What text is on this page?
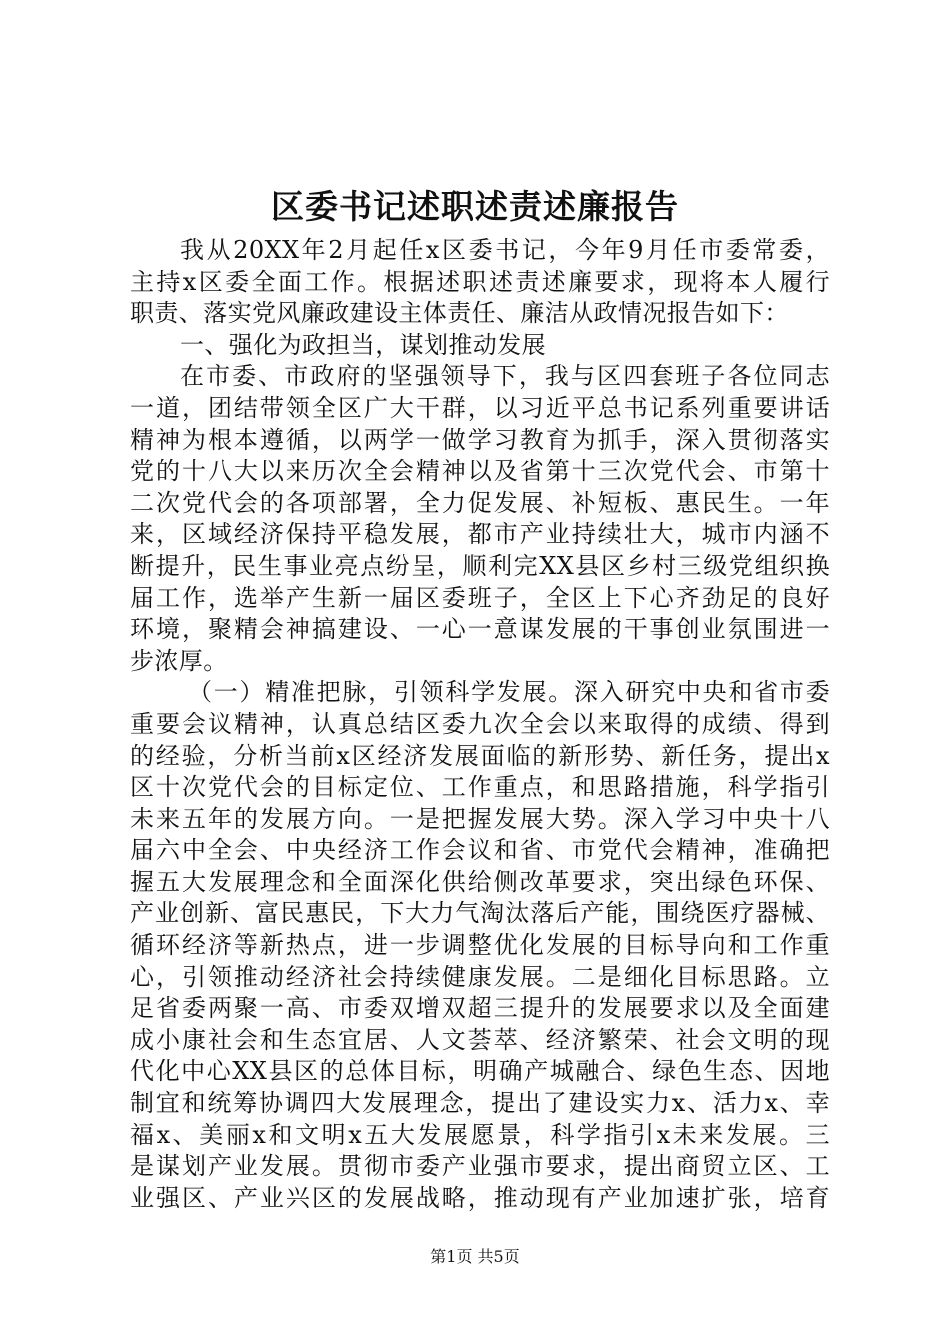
区委书记述职述责述廉报告
我从20XX年2月起任x区委书记，今年9月任市委常委，
主持x区委全面工作。根据述职述责述廉要求，现将本人履行
职责、落实党风廉政建设主体责任、廉洁从政情况报告如下：
一、强化为政担当，谋划推动发展
在市委、市政府的坚强领导下，我与区四套班子各位同志
一道，团结带领全区广大干群，以习近平总书记系列重要讲话
精神为根本遵循，以两学一做学习教育为抓手，深入贯彻落实
党的十八大以来历次全会精神以及省第十三次党代会、市第十
二次党代会的各项部署，全力促发展、补短板、惠民生。一年
来，区域经济保持平稳发展，都市产业持续壮大，城市内涵不
断提升，民生事业亮点纷呈，顺利完XX县区乡村三级党组织换
届工作，选举产生新一届区委班子，全区上下心齐劲足的良好
环境，聚精会神搞建设、一心一意谋发展的干事创业氛围进一
步浓厚。
（一）精准把脉，引领科学发展。深入研究中央和省市委
重要会议精神，认真总结区委九次全会以来取得的成绩、得到
的经验，分析当前x区经济发展面临的新形势、新任务，提出x
区十次党代会的目标定位、工作重点，和思路措施，科学指引
未来五年的发展方向。一是把握发展大势。深入学习中央十八
届六中全会、中央经济工作会议和省、市党代会精神，准确把
握五大发展理念和全面深化供给侧改革要求，突出绿色环保、
产业创新、富民惠民，下大力气淘汰落后产能，围绕医疗器械、
循环经济等新热点，进一步调整优化发展的目标导向和工作重
心，引领推动经济社会持续健康发展。二是细化目标思路。立
足省委两聚一高、市委双增双超三提升的发展要求以及全面建
成小康社会和生态宜居、人文荟萃、经济繁荣、社会文明的现
代化中心XX县区的总体目标，明确产城融合、绿色生态、因地
制宜和统筹协调四大发展理念，提出了建设实力x、活力x、幸
福x、美丽x和文明x五大发展愿景，科学指引x未来发展。三
是谋划产业发展。贯彻市委产业强市要求，提出商贸立区、工
业强区、产业兴区的发展战略，推动现有产业加速扩张，培育
第1页 共5页
